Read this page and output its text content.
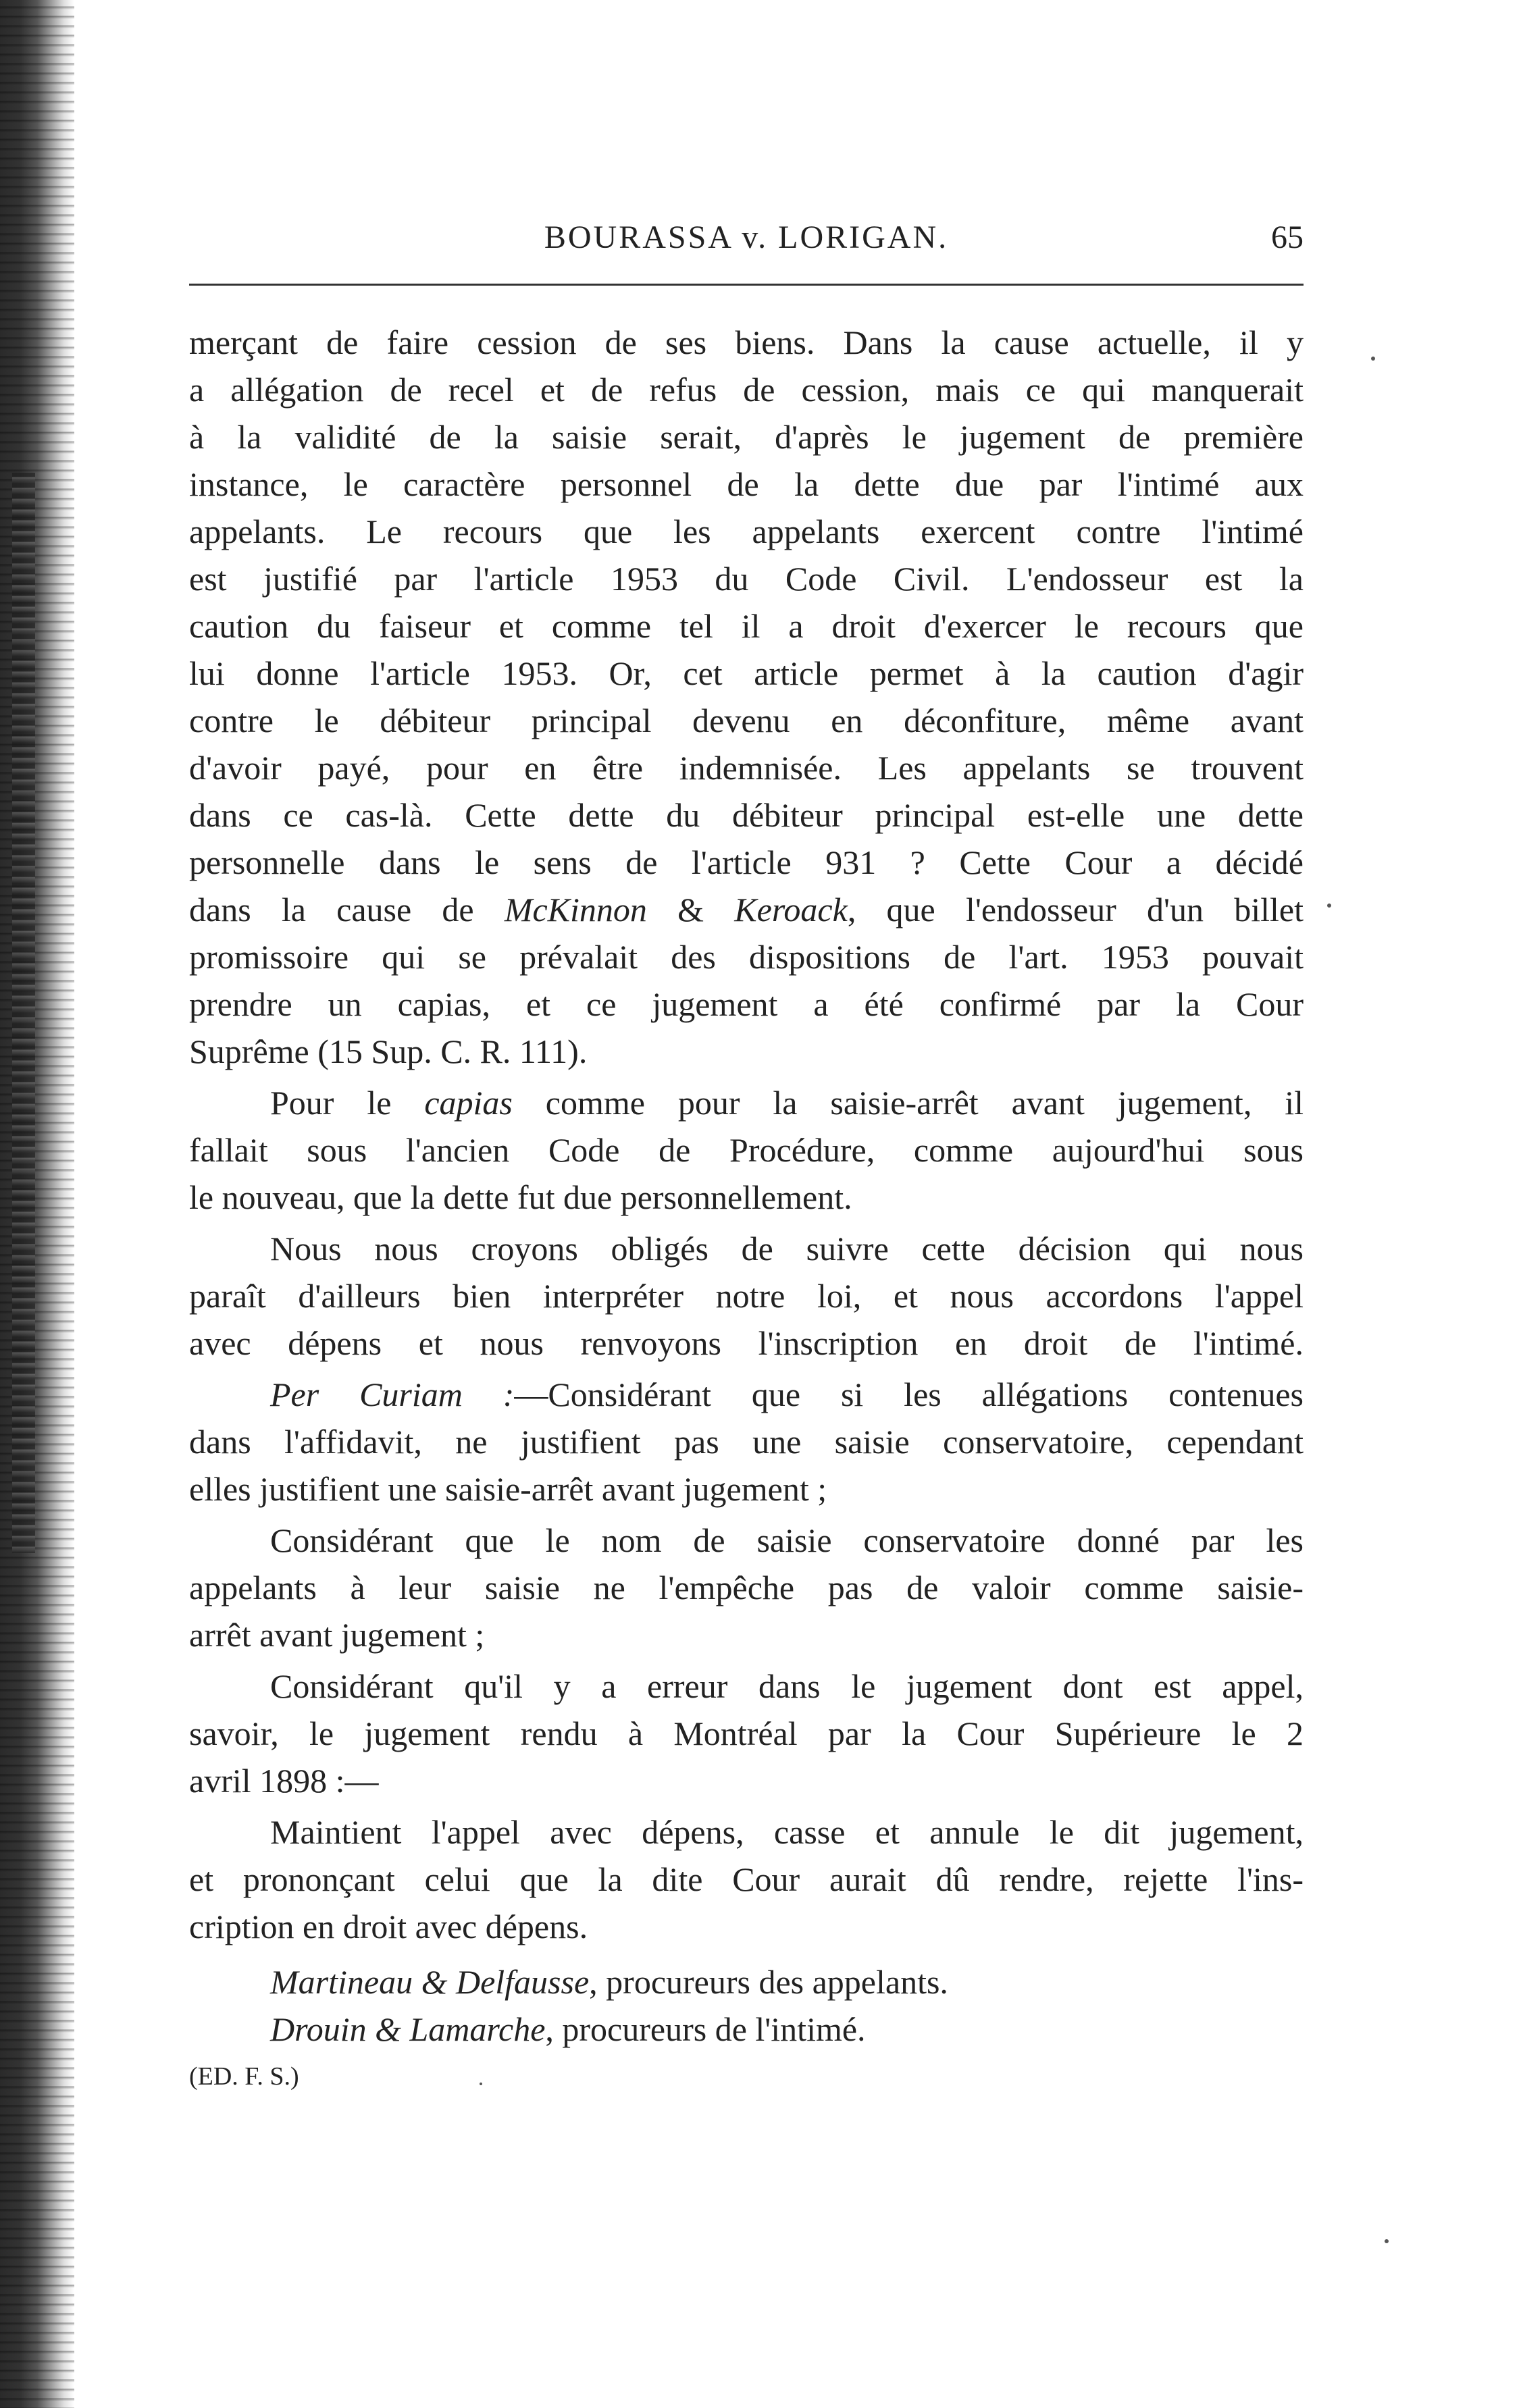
BOURASSA v. LORIGAN.	65
merçant de faire cession de ses biens. Dans la cause actuelle, il y
a allégation de recel et de refus de cession, mais ce qui manquerait
à la validité de la saisie serait, d'après le jugement de première
instance, le caractère personnel de la dette due par l'intimé aux
appelants. Le recours que les appelants exercent contre l'intimé
est justifié par l'article 1953 du Code Civil. L'endosseur est la
caution du faiseur et comme tel il a droit d'exercer le recours que
lui donne l'article 1953. Or, cet article permet à la caution d'agir
contre le débiteur principal devenu en déconfiture, même avant
d'avoir payé, pour en être indemnisée. Les appelants se trouvent
dans ce cas-là. Cette dette du débiteur principal est-elle une dette
personnelle dans le sens de l'article 931 ? Cette Cour a décidé
dans la cause de McKinnon & Keroack, que l'endosseur d'un billet
promissoire qui se prévalait des dispositions de l'art. 1953 pouvait
prendre un capias, et ce jugement a été confirmé par la Cour
Suprême (15 Sup. C. R. 111).
Pour le capias comme pour la saisie-arrêt avant jugement, il
fallait sous l'ancien Code de Procédure, comme aujourd'hui sous
le nouveau, que la dette fut due personnellement.
Nous nous croyons obligés de suivre cette décision qui nous
paraît d'ailleurs bien interpréter notre loi, et nous accordons l'appel
avec dépens et nous renvoyons l'inscription en droit de l'intimé.
Per Curiam :—Considérant que si les allégations contenues
dans l'affidavit, ne justifient pas une saisie conservatoire, cependant
elles justifient une saisie-arrêt avant jugement ;
Considérant que le nom de saisie conservatoire donné par les
appelants à leur saisie ne l'empêche pas de valoir comme saisie-
arrêt avant jugement ;
Considérant qu'il y a erreur dans le jugement dont est appel,
savoir, le jugement rendu à Montréal par la Cour Supérieure le 2
avril 1898 :—
Maintient l'appel avec dépens, casse et annule le dit jugement,
et prononçant celui que la dite Cour aurait dû rendre, rejette l'ins-
cription en droit avec dépens.
Martineau & Delfausse, procureurs des appelants.
Drouin & Lamarche, procureurs de l'intimé.
(ED. F. S.)
